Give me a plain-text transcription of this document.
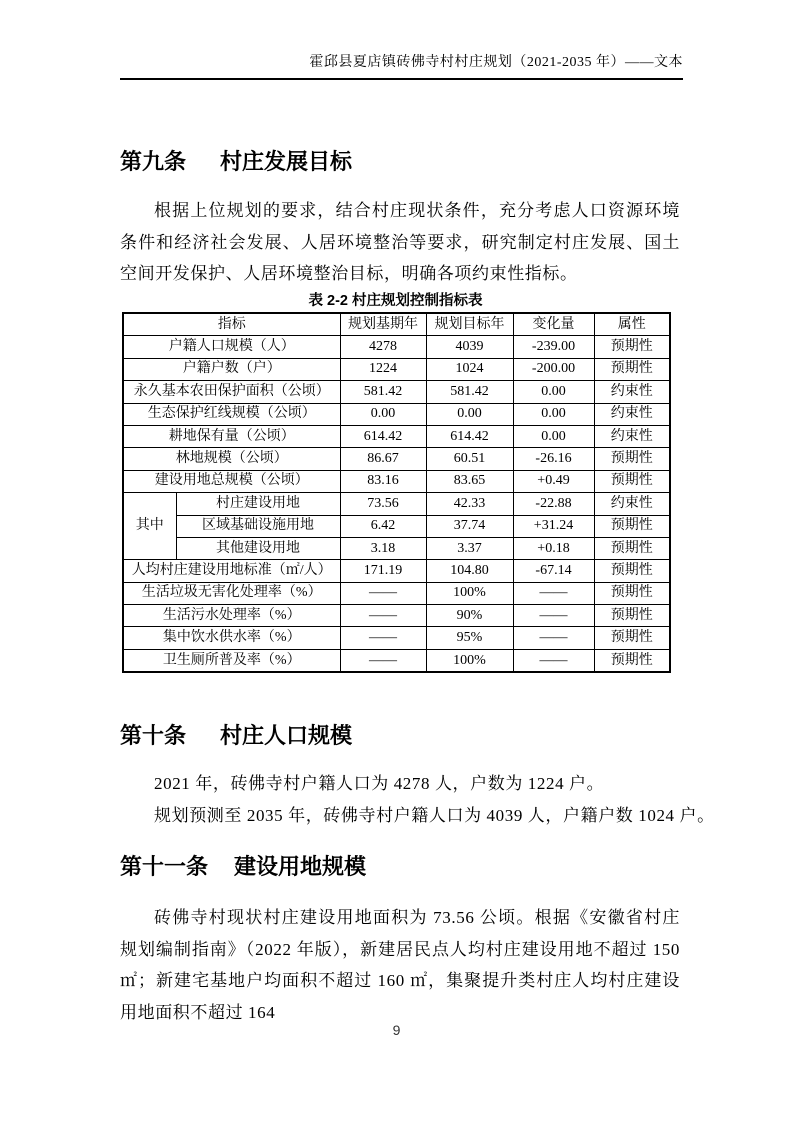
霍邱县夏店镇砖佛寺村村庄规划（2021-2035 年）——文本
第九条 村庄发展目标
根据上位规划的要求，结合村庄现状条件，充分考虑人口资源环境条件和经济社会发展、人居环境整治等要求，研究制定村庄发展、国土空间开发保护、人居环境整治目标，明确各项约束性指标。
表 2-2 村庄规划控制指标表
指标		规划基期年	规划目标年	变化量	属性
户籍人口规模（人）		4278	4039	-239.00	预期性
户籍户数（户）		1224	1024	-200.00	预期性
永久基本农田保护面积（公顷）		581.42	581.42	0.00	约束性
生态保护红线规模（公顷）		0.00	0.00	0.00	约束性
耕地保有量（公顷）		614.42	614.42	0.00	约束性
林地规模（公顷）		86.67	60.51	-26.16	预期性
建设用地总规模（公顷）		83.16	83.65	+0.49	预期性
其中	村庄建设用地	73.56	42.33	-22.88	约束性
	区域基础设施用地	6.42	37.74	+31.24	预期性
	其他建设用地	3.18	3.37	+0.18	预期性
人均村庄建设用地标准（㎡/人）		171.19	104.80	-67.14	预期性
生活垃圾无害化处理率（%）		——	100%	——	预期性
生活污水处理率（%）		——	90%	——	预期性
集中饮水供水率（%）		——	95%	——	预期性
卫生厕所普及率（%）		——	100%	——	预期性
第十条 村庄人口规模
2021 年，砖佛寺村户籍人口为 4278 人，户数为 1224 户。
规划预测至 2035 年，砖佛寺村户籍人口为 4039 人，户籍户数 1024 户。
第十一条 建设用地规模
砖佛寺村现状村庄建设用地面积为 73.56 公顷。根据《安徽省村庄规划编制指南》（2022 年版），新建居民点人均村庄建设用地不超过 150 ㎡；新建宅基地户均面积不超过 160 ㎡，集聚提升类村庄人均村庄建设用地面积不超过 164
9
